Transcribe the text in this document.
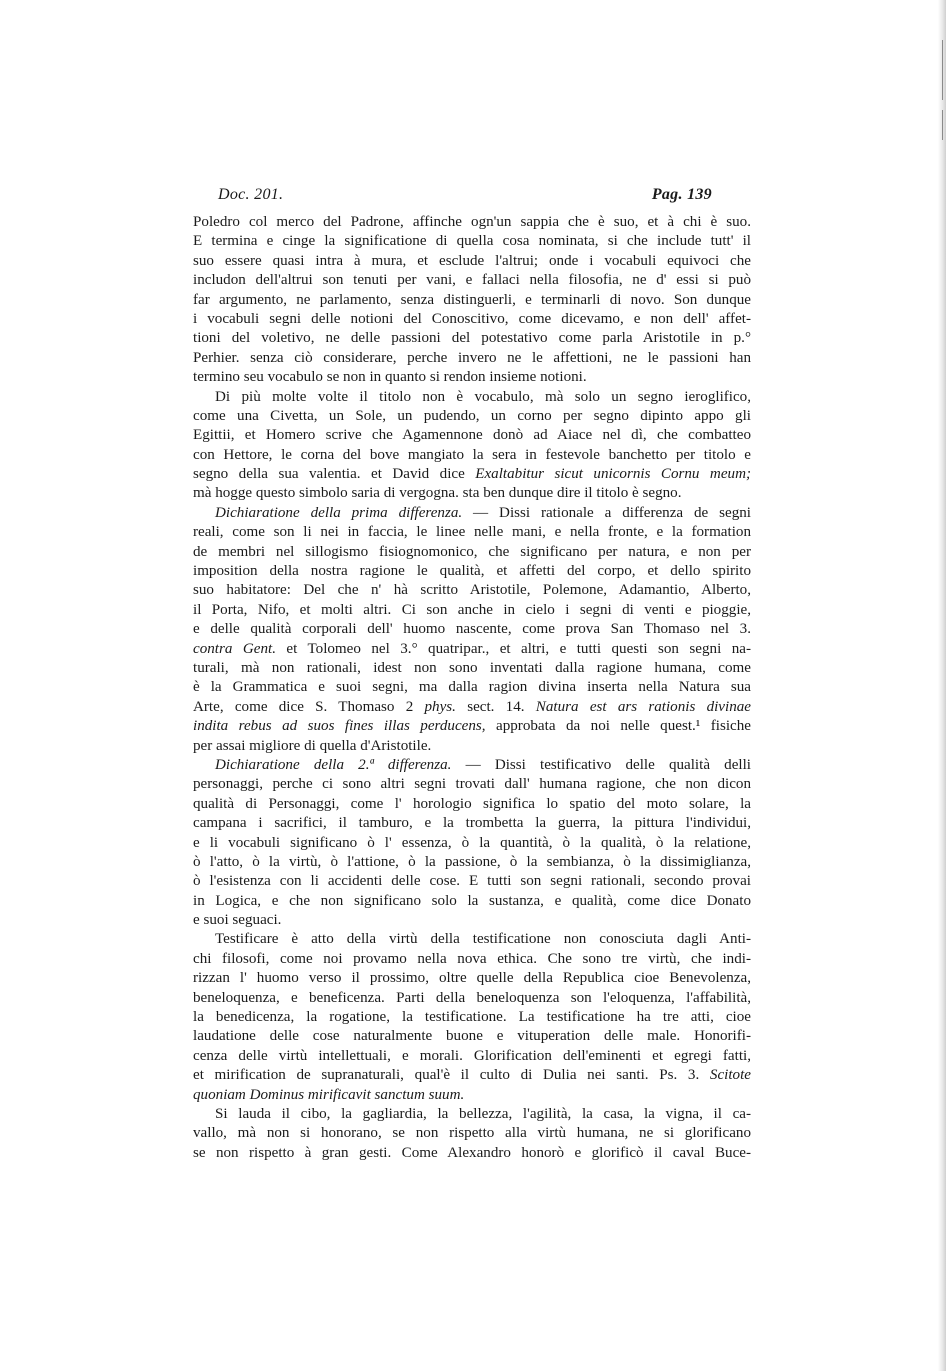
Doc. 201.	Pag. 139
Poledro col merco del Padrone, affinche ogn'un sappia che è suo, et à chi è suo.
E termina e cinge la significatione di quella cosa nominata, si che include tutt' il
suo essere quasi intra à mura, et esclude l'altrui; onde i vocabuli equivoci che
includon dell'altrui son tenuti per vani, e fallaci nella filosofia, ne d' essi si può
far argumento, ne parlamento, senza distinguerli, e terminarli di novo. Son dunque
i vocabuli segni delle notioni del Conoscitivo, come dicevamo, e non dell' affet-
tioni del voletivo, ne delle passioni del potestativo come parla Aristotile in p.°
Perhier. senza ciò considerare, perche invero ne le affettioni, ne le passioni han
termino seu vocabulo se non in quanto si rendon insieme notioni.
Di più molte volte il titolo non è vocabulo, mà solo un segno ieroglifico,
come una Civetta, un Sole, un pudendo, un corno per segno dipinto appo gli
Egittii, et Homero scrive che Agamennone donò ad Aiace nel dì, che combatteo
con Hettore, le corna del bove mangiato la sera in festevole banchetto per titolo e
segno della sua valentia. et David dice Exaltabitur sicut unicornis Cornu meum;
mà hogge questo simbolo saria di vergogna. sta ben dunque dire il titolo è segno.
Dichiaratione della prima differenza. — Dissi rationale a differenza de segni
reali, come son li nei in faccia, le linee nelle mani, e nella fronte, e la formation
de membri nel sillogismo fisiognomonico, che significano per natura, e non per
imposition della nostra ragione le qualità, et affetti del corpo, et dello spirito
suo habitatore: Del che n' hà scritto Aristotile, Polemone, Adamantio, Alberto,
il Porta, Nifo, et molti altri. Ci son anche in cielo i segni di venti e pioggie,
e delle qualità corporali dell' huomo nascente, come prova San Thomaso nel 3.
contra Gent. et Tolomeo nel 3.° quatripar., et altri, e tutti questi son segni na-
turali, mà non rationali, idest non sono inventati dalla ragione humana, come
è la Grammatica e suoi segni, ma dalla ragion divina inserta nella Natura sua
Arte, come dice S. Thomaso 2 phys. sect. 14. Natura est ars rationis divinae
indita rebus ad suos fines illas perducens, approbata da noi nelle quest.¹ fisiche
per assai migliore di quella d'Aristotile.
Dichiaratione della 2.ª differenza. — Dissi testificativo delle qualità delli
personaggi, perche ci sono altri segni trovati dall' humana ragione, che non dicon
qualità di Personaggi, come l' horologio significa lo spatio del moto solare, la
campana i sacrifici, il tamburo, e la trombetta la guerra, la pittura l'individui,
e li vocabuli significano ò l' essenza, ò la quantità, ò la qualità, ò la relatione,
ò l'atto, ò la virtù, ò l'attione, ò la passione, ò la sembianza, ò la dissimiglianza,
ò l'esistenza con li accidenti delle cose. E tutti son segni rationali, secondo provai
in Logica, e che non significano solo la sustanza, e qualità, come dice Donato
e suoi seguaci.
Testificare è atto della virtù della testificatione non conosciuta dagli Anti-
chi filosofi, come noi provamo nella nova ethica. Che sono tre virtù, che indi-
rizzan l' huomo verso il prossimo, oltre quelle della Republica cioe Benevolenza,
beneloquenza, e beneficenza. Parti della beneloquenza son l'eloquenza, l'affabilità,
la benedicenza, la rogatione, la testificatione. La testificatione ha tre atti, cioe
laudatione delle cose naturalmente buone e vituperation delle male. Honorifi-
cenza delle virtù intellettuali, e morali. Glorification dell'eminenti et egregi fatti,
et mirification de supranaturali, qual'è il culto di Dulia nei santi. Ps. 3. Scitote
quoniam Dominus mirificavit sanctum suum.
Si lauda il cibo, la gagliardia, la bellezza, l'agilità, la casa, la vigna, il ca-
vallo, mà non si honorano, se non rispetto alla virtù humana, ne si glorificano
se non rispetto à gran gesti. Come Alexandro honorò e glorificò il caval Buce-
